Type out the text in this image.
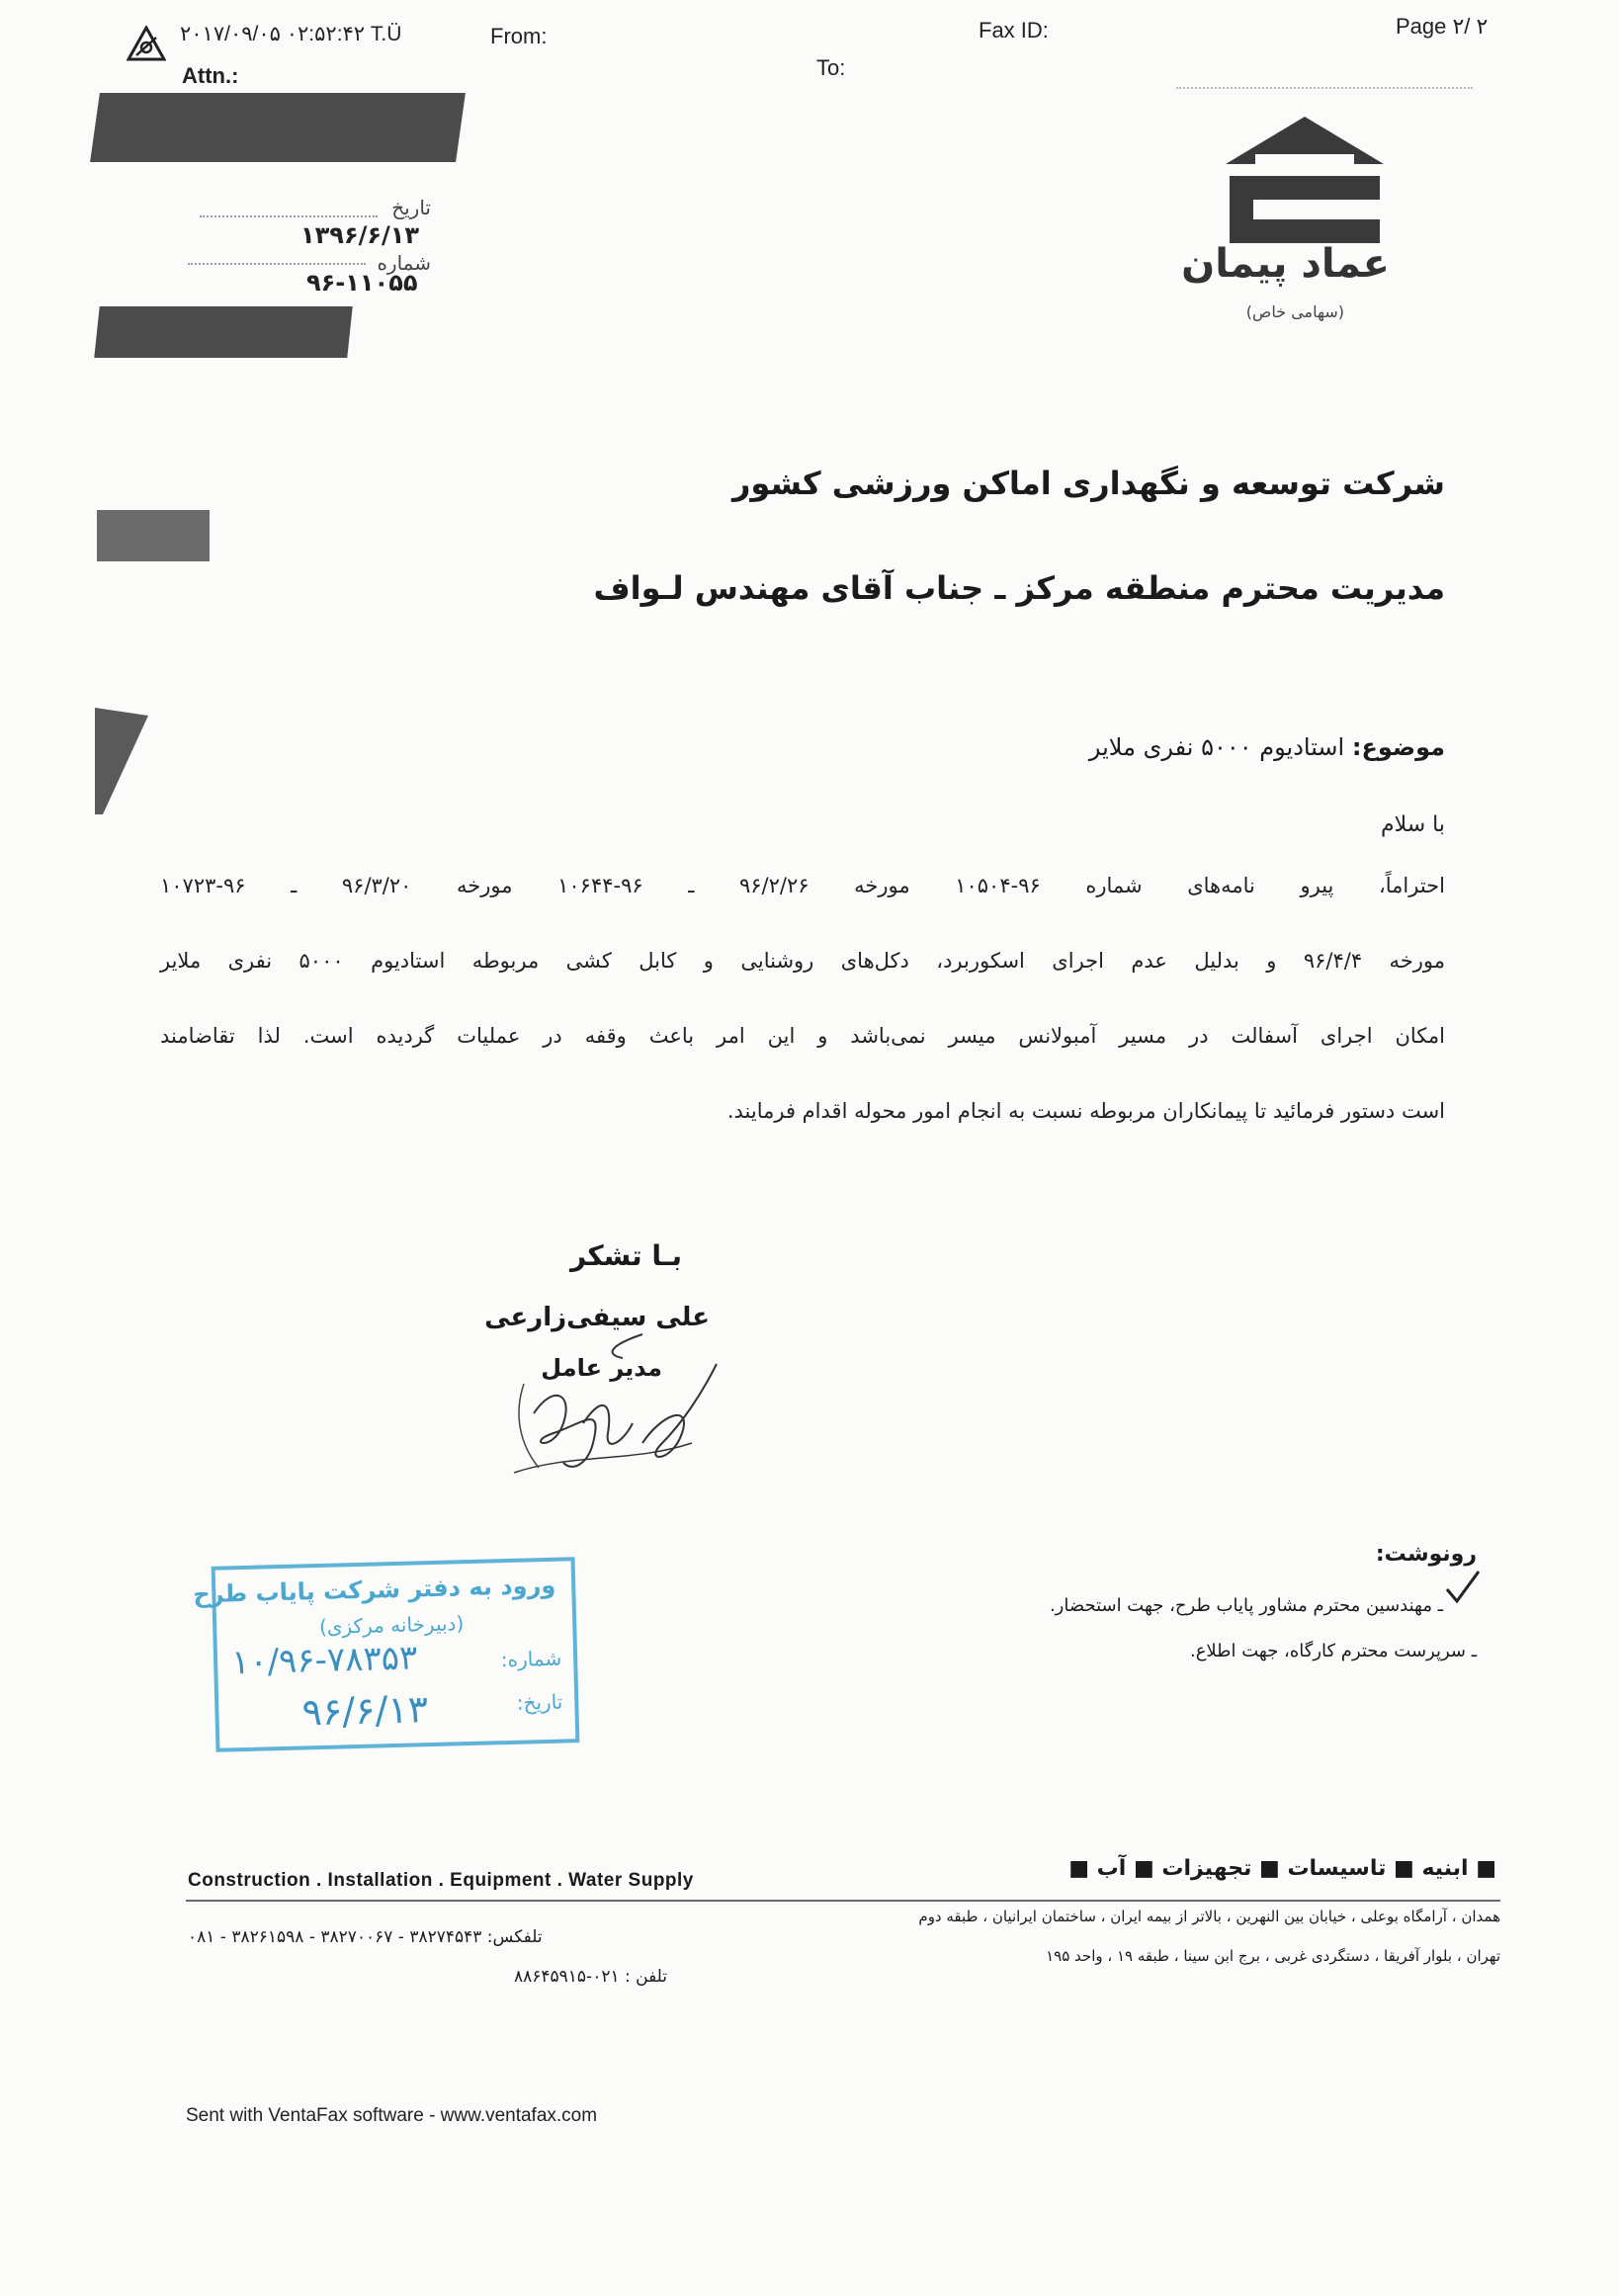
۲۰۱۷/۰۹/۰۵ ۰۲:۵۲:۴۲ T.Ü	From:	Fax ID:	Page ۲/ ۲
Attn.:	To:
تاریخ
۱۳۹۶/۶/۱۳
شماره
۹۶-۱۱۰۵۵	عماد پیمان
(سهامی خاص)
شرکت توسعه و نگهداری اماکن ورزشی کشور
مدیریت محترم منطقه مرکز ـ جناب آقای مهندس لـواف
موضوع: استادیوم ۵۰۰۰ نفری ملایر
با سلام
احتراماً، پیرو نامه‌های شماره ۹۶-۱۰۵۰۴ مورخه ۹۶/۲/۲۶ ـ ۹۶-۱۰۶۴۴ مورخه ۹۶/۳/۲۰ ـ ۹۶-۱۰۷۲۳
مورخه ۹۶/۴/۴ و بدلیل عدم اجرای اسکوربرد، دکل‌های روشنایی و کابل کشی مربوطه استادیوم ۵۰۰۰ نفری ملایر
امکان اجرای آسفالت در مسیر آمبولانس میسر نمی‌باشد و این امر باعث وقفه در عملیات گردیده است. لذا تقاضامند
است دستور فرمائید تا پیمانکاران مربوطه نسبت به انجام امور محوله اقدام فرمایند.
بـا تشکر
علی سیفی‌زارعی
مدیر عامل
ورود به دفتر شرکت پایاب طرح
(دبیرخانه مرکزی)
شماره:
۱۰/۹۶-۷۸۳۵۳
تاریخ:
۹۶/۶/۱۳
رونوشت:
ـ مهندسین محترم مشاور پایاب طرح، جهت استحضار.
ـ سرپرست محترم کارگاه، جهت اطلاع.
Construction . Installation . Equipment . Water Supply	■ ابنیه ■ تاسیسات ■ تجهیزات ■ آب ■
همدان ، آرامگاه بوعلی ، خیابان بین النهرین ، بالاتر از بیمه ایران ، ساختمان ایرانیان ، طبقه دوم
تلفکس: ۳۸۲۷۴۵۴۳ - ۳۸۲۷۰۰۶۷ - ۳۸۲۶۱۵۹۸ - ۰۸۱
تهران ، بلوار آفریقا ، دستگردی غربی ، برج ابن سینا ، طبقه ۱۹ ، واحد ۱۹۵
تلفن : ۰۲۱-۸۸۶۴۵۹۱۵
Sent with VentaFax software - www.ventafax.com
